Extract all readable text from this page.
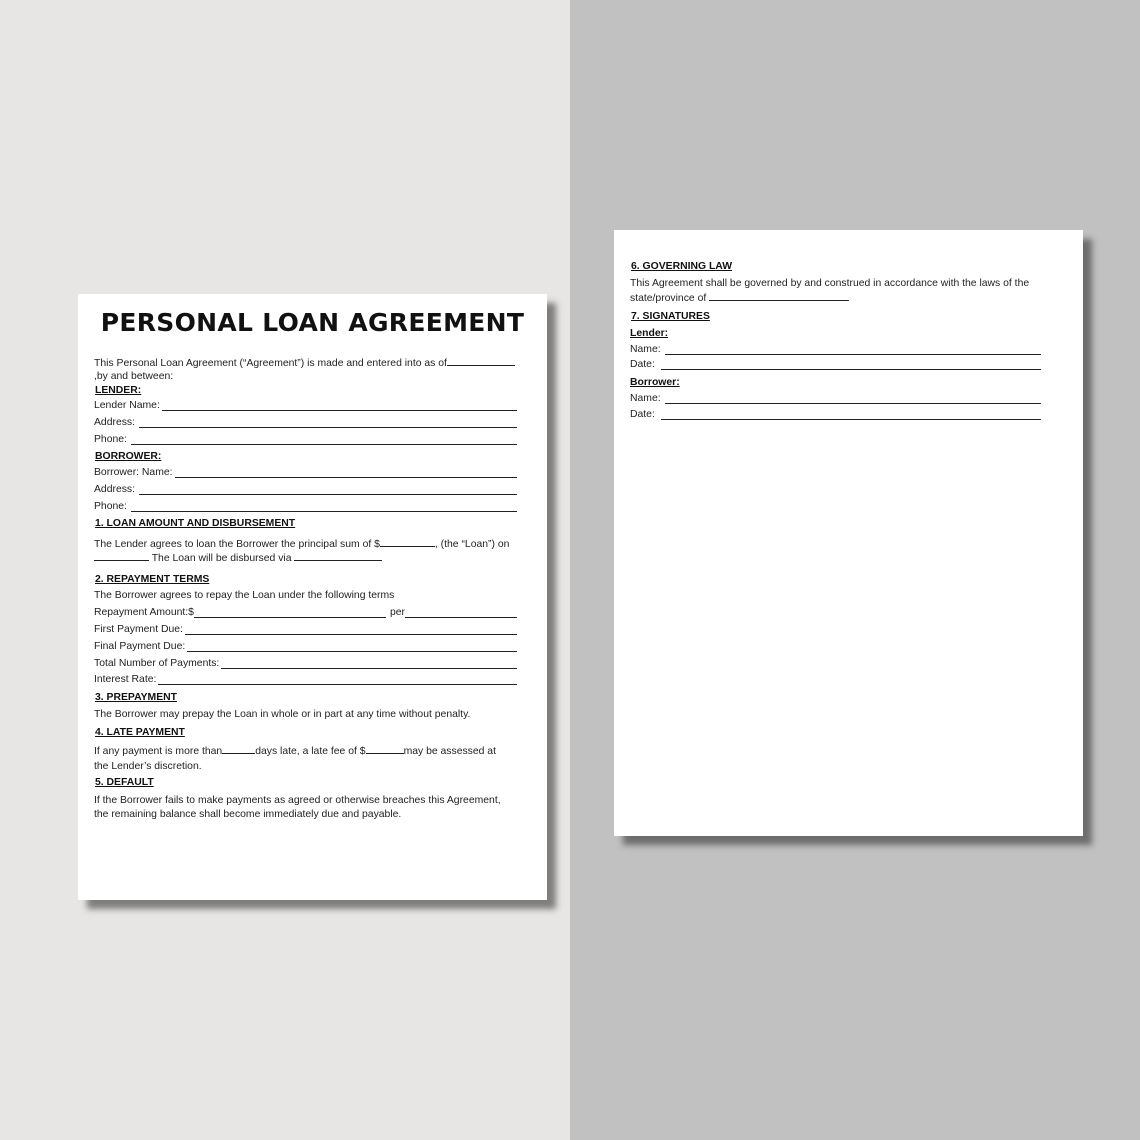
PERSONAL LOAN AGREEMENT
This Personal Loan Agreement (“Agreement”) is made and entered into as of
,by and between:
LENDER:
Lender Name:
Address:
Phone:
BORROWER:
Borrower: Name:
Address:
Phone:
1. LOAN AMOUNT AND DISBURSEMENT
The Lender agrees to loan the Borrower the principal sum of $	, (the “Loan”) on
The Loan will be disbursed via
2. REPAYMENT TERMS
The Borrower agrees to repay the Loan under the following terms
Repayment Amount:$	per
First Payment Due:
Final Payment Due:
Total Number of Payments:
Interest Rate:
3. PREPAYMENT
The Borrower may prepay the Loan in whole or in part at any time without penalty.
4. LATE PAYMENT
If any payment is more than	days late, a late fee of $	may be assessed at
the Lender’s discretion.
5. DEFAULT
If the Borrower fails to make payments as agreed or otherwise breaches this Agreement,
the remaining balance shall become immediately due and payable.
6. GOVERNING LAW
This Agreement shall be governed by and construed in accordance with the laws of the
state/province of
7. SIGNATURES
Lender:
Name:
Date:
Borrower:
Name:
Date:
